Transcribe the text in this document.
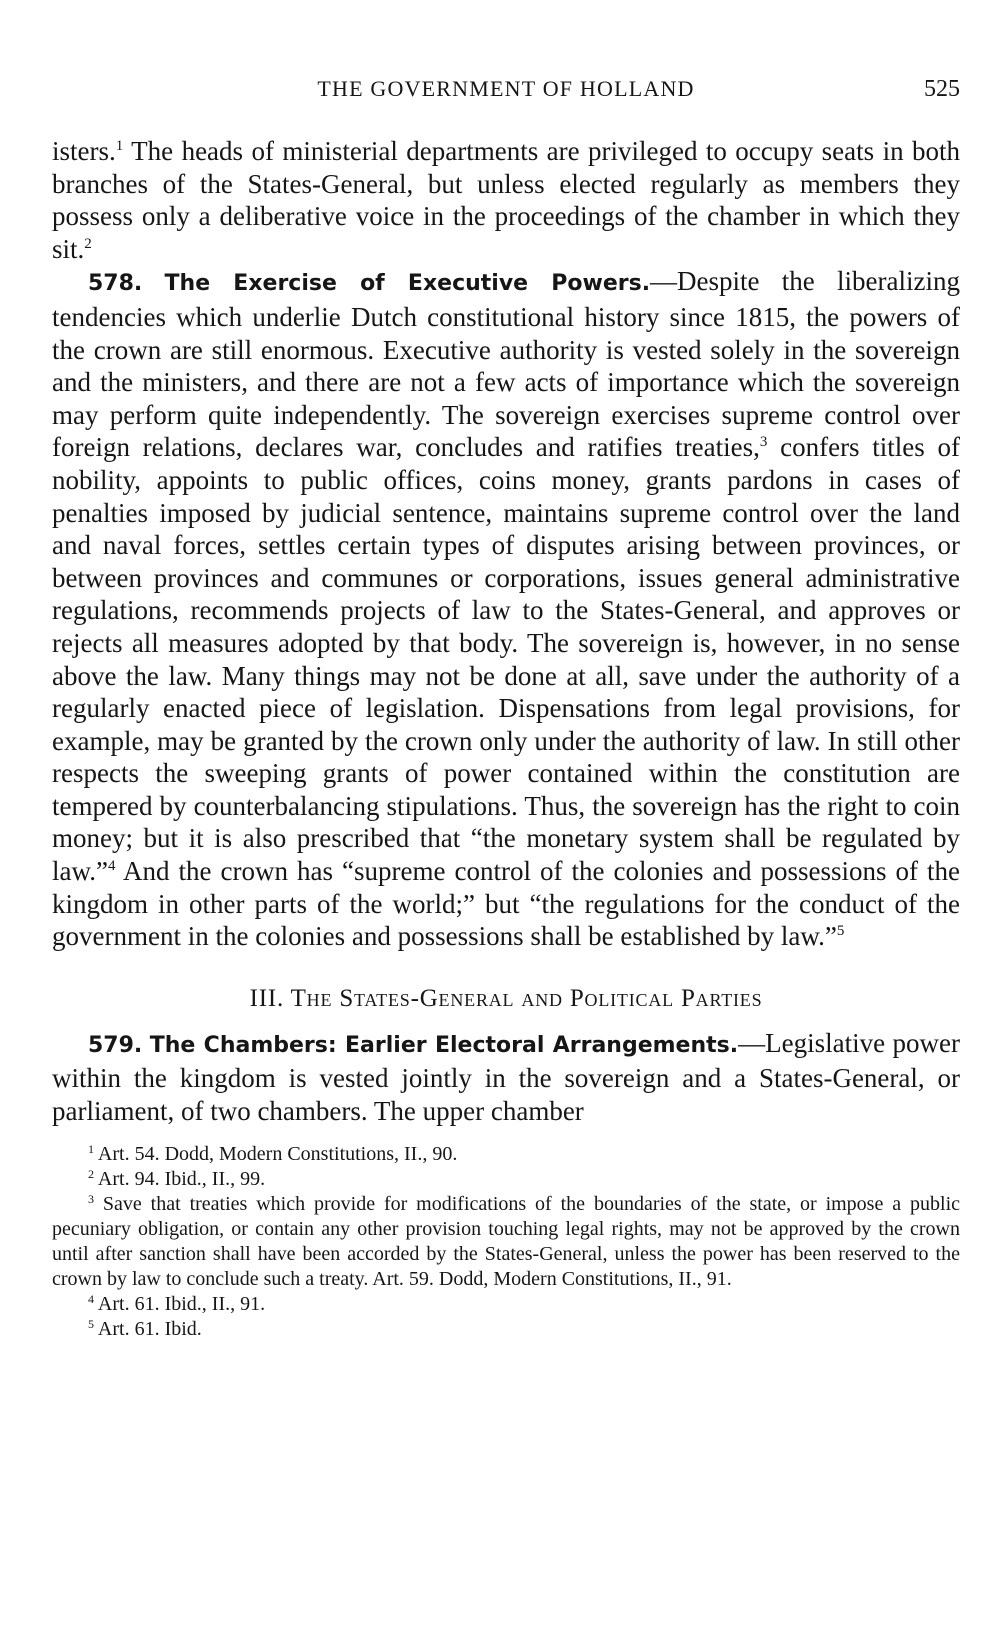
THE GOVERNMENT OF HOLLAND	525

isters.$^1$ The heads of ministerial departments are privileged to occupy seats in both branches of the States-General, but unless elected regularly as members they possess only a deliberative voice in the proceedings of the chamber in which they sit.$^2$

578. The Exercise of Executive Powers.—Despite the liberalizing tendencies which underlie Dutch constitutional history since 1815, the powers of the crown are still enormous. Executive authority is vested solely in the sovereign and the ministers, and there are not a few acts of importance which the sovereign may perform quite independently. The sovereign exercises supreme control over foreign relations, declares war, concludes and ratifies treaties,$^3$ confers titles of nobility, appoints to public offices, coins money, grants pardons in cases of penalties imposed by judicial sentence, maintains supreme control over the land and naval forces, settles certain types of disputes arising between provinces, or between provinces and communes or corporations, issues general administrative regulations, recommends projects of law to the States-General, and approves or rejects all measures adopted by that body. The sovereign is, however, in no sense above the law. Many things may not be done at all, save under the authority of a regularly enacted piece of legislation. Dispensations from legal provisions, for example, may be granted by the crown only under the authority of law. In still other respects the sweeping grants of power contained within the constitution are tempered by counterbalancing stipulations. Thus, the sovereign has the right to coin money; but it is also prescribed that “the monetary system shall be regulated by law.”$^4$ And the crown has “supreme control of the colonies and possessions of the kingdom in other parts of the world;” but “the regulations for the conduct of the government in the colonies and possessions shall be established by law.”$^5$

III. The States-General and Political Parties

579. The Chambers: Earlier Electoral Arrangements.—Legislative power within the kingdom is vested jointly in the sovereign and a States-General, or parliament, of two chambers. The upper chamber

$^1$ Art. 54. Dodd, Modern Constitutions, II., 90.

$^2$ Art. 94. Ibid., II., 99.

$^3$ Save that treaties which provide for modifications of the boundaries of the state, or impose a public pecuniary obligation, or contain any other provision touching legal rights, may not be approved by the crown until after sanction shall have been accorded by the States-General, unless the power has been reserved to the crown by law to conclude such a treaty. Art. 59. Dodd, Modern Constitutions, II., 91.

$^4$ Art. 61. Ibid., II., 91.

$^5$ Art. 61. Ibid.
